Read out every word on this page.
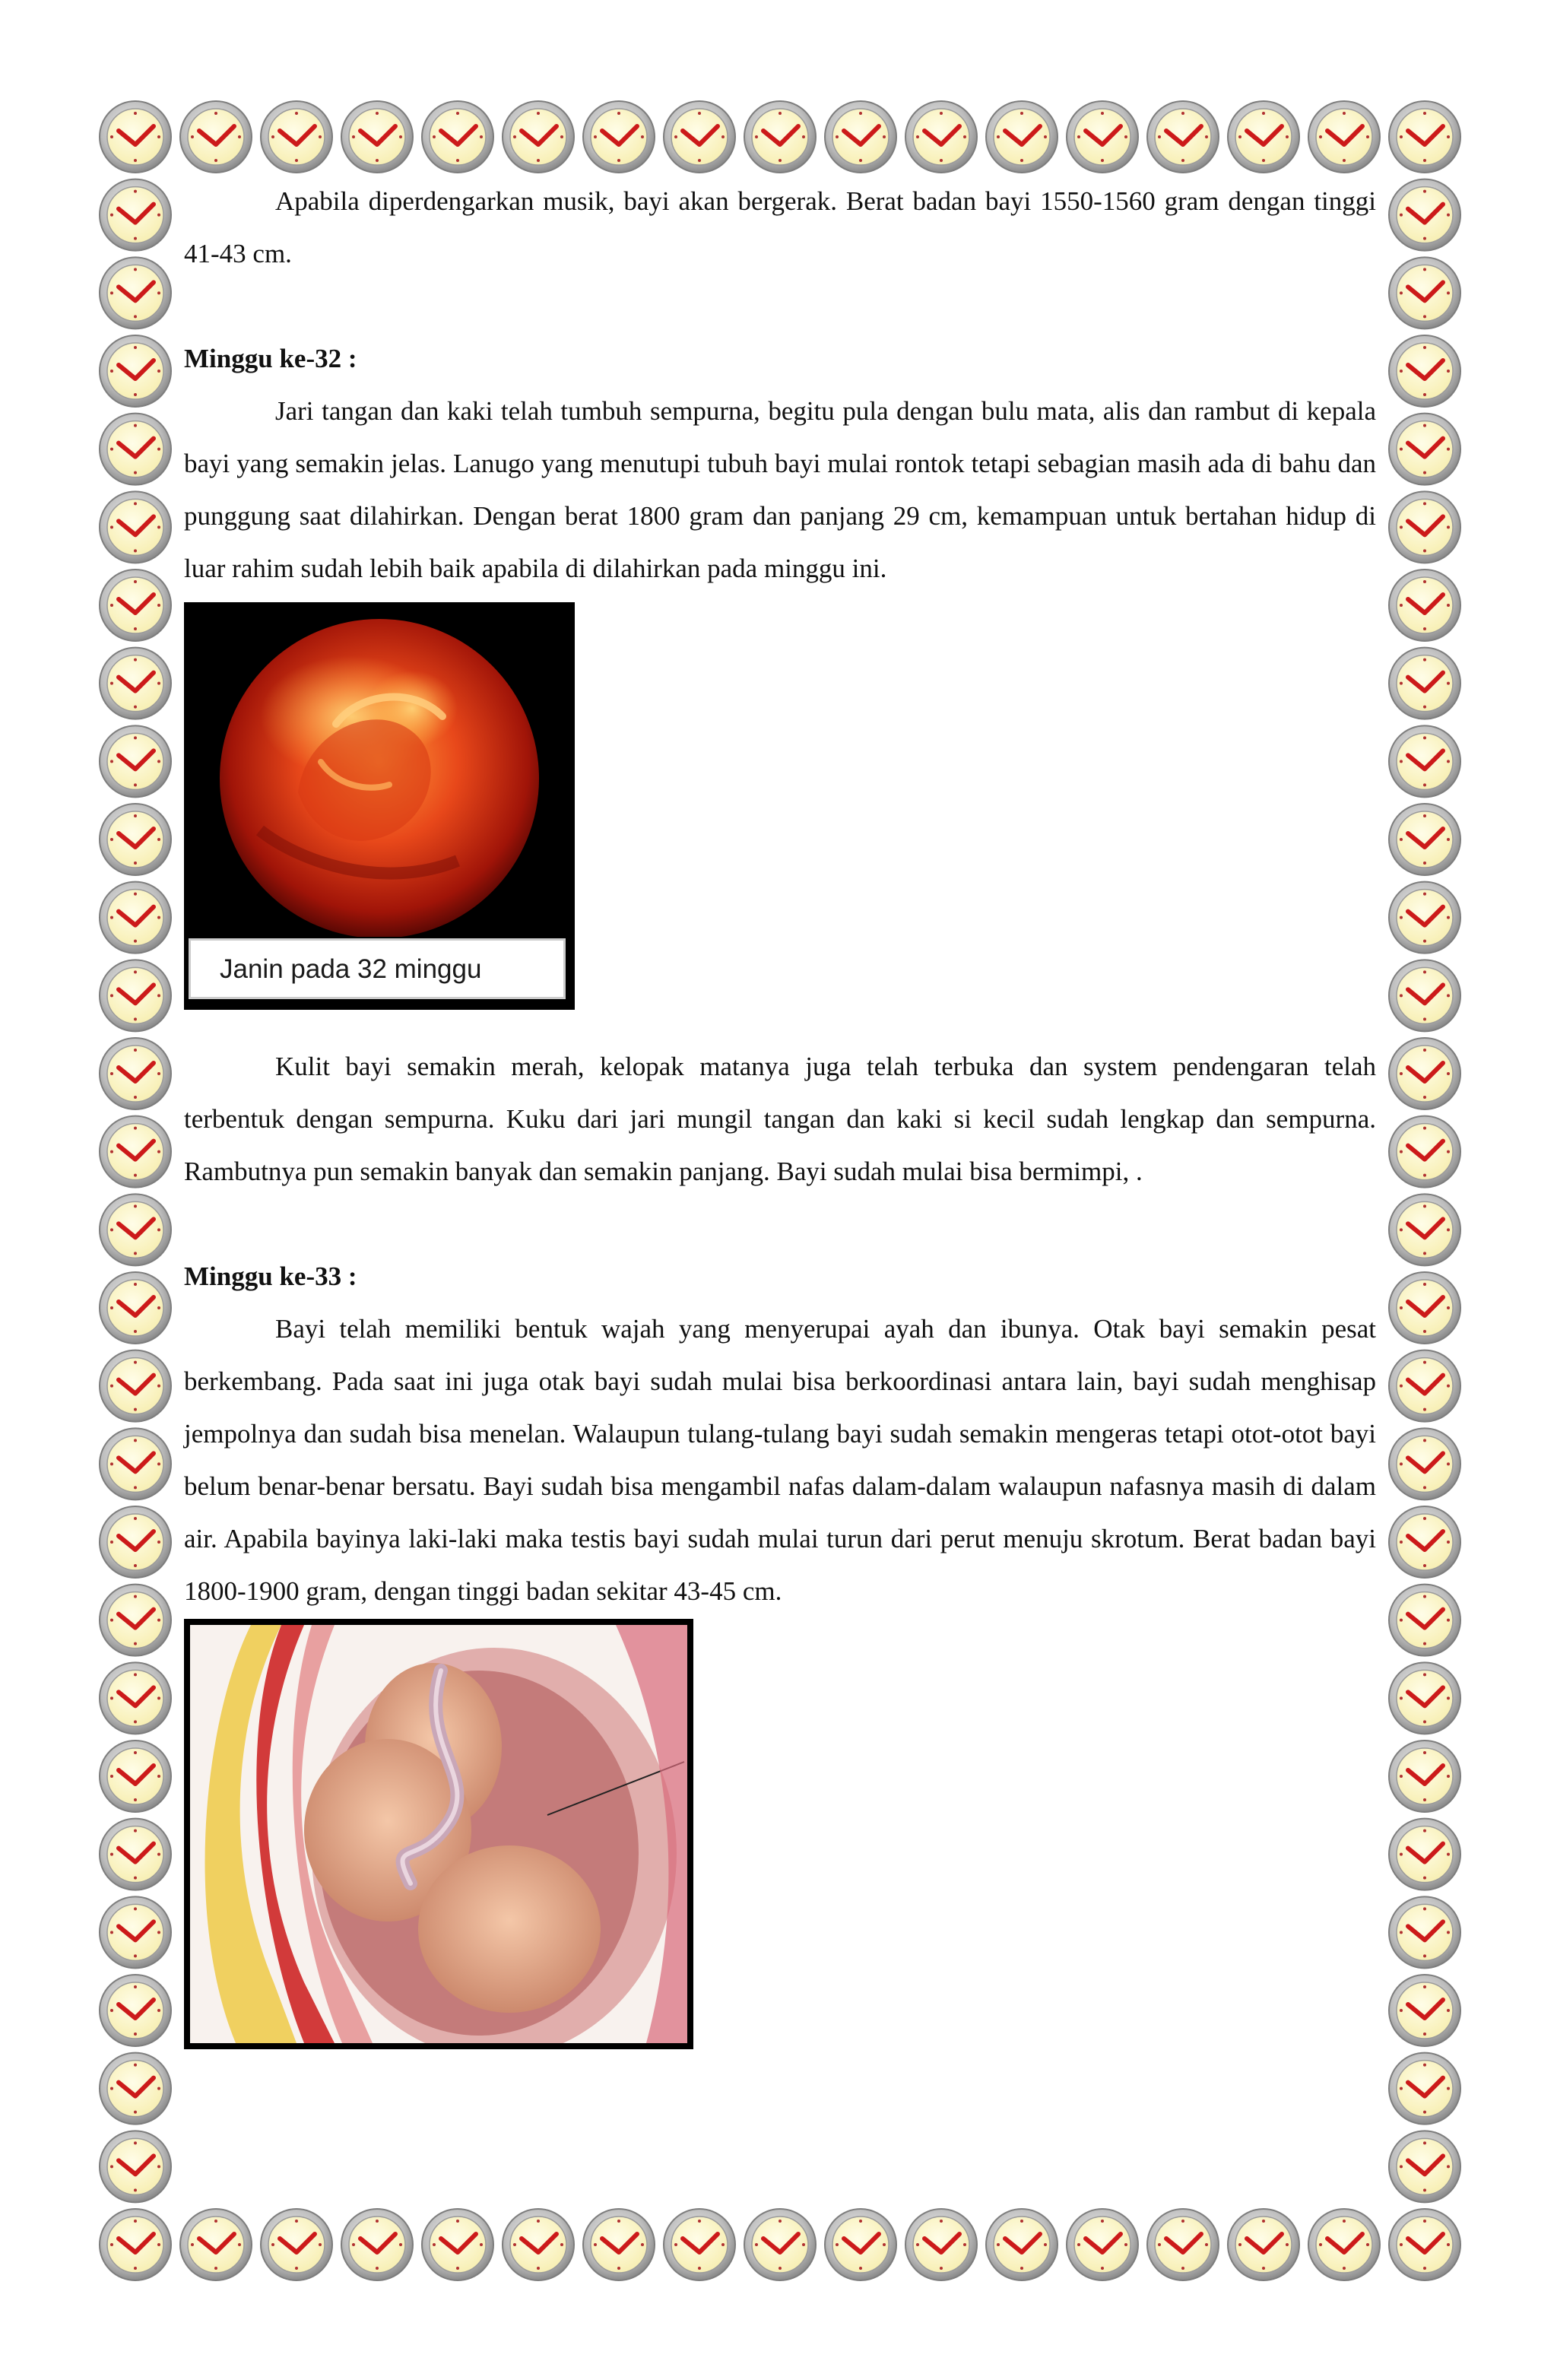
Apabila diperdengarkan musik, bayi akan bergerak. Berat badan bayi 1550-1560 gram dengan tinggi 41-43 cm.

Minggu ke-32 :

Jari tangan dan kaki telah tumbuh sempurna, begitu pula dengan bulu mata, alis dan rambut di kepala bayi yang semakin jelas. Lanugo yang menutupi tubuh bayi mulai rontok tetapi sebagian masih ada di bahu dan punggung saat dilahirkan. Dengan berat 1800 gram dan panjang 29 cm, kemampuan untuk bertahan hidup di luar rahim sudah lebih baik apabila di dilahirkan pada minggu ini.

Janin pada 32 minggu

Kulit bayi semakin merah, kelopak matanya juga telah terbuka dan system pendengaran telah terbentuk dengan sempurna. Kuku dari jari mungil tangan dan kaki si kecil sudah lengkap dan sempurna. Rambutnya pun semakin banyak dan semakin panjang. Bayi sudah mulai bisa bermimpi, .

Minggu ke-33 :

Bayi telah memiliki bentuk wajah yang menyerupai ayah dan ibunya. Otak bayi semakin pesat berkembang. Pada saat ini juga otak bayi sudah mulai bisa berkoordinasi antara lain, bayi sudah menghisap jempolnya dan sudah bisa menelan. Walaupun tulang-tulang bayi sudah semakin mengeras tetapi otot-otot bayi belum benar-benar bersatu. Bayi sudah bisa mengambil nafas dalam-dalam walaupun nafasnya masih di dalam air. Apabila bayinya laki-laki maka testis bayi sudah mulai turun dari perut menuju skrotum. Berat badan bayi 1800-1900 gram, dengan tinggi badan sekitar 43-45 cm.
